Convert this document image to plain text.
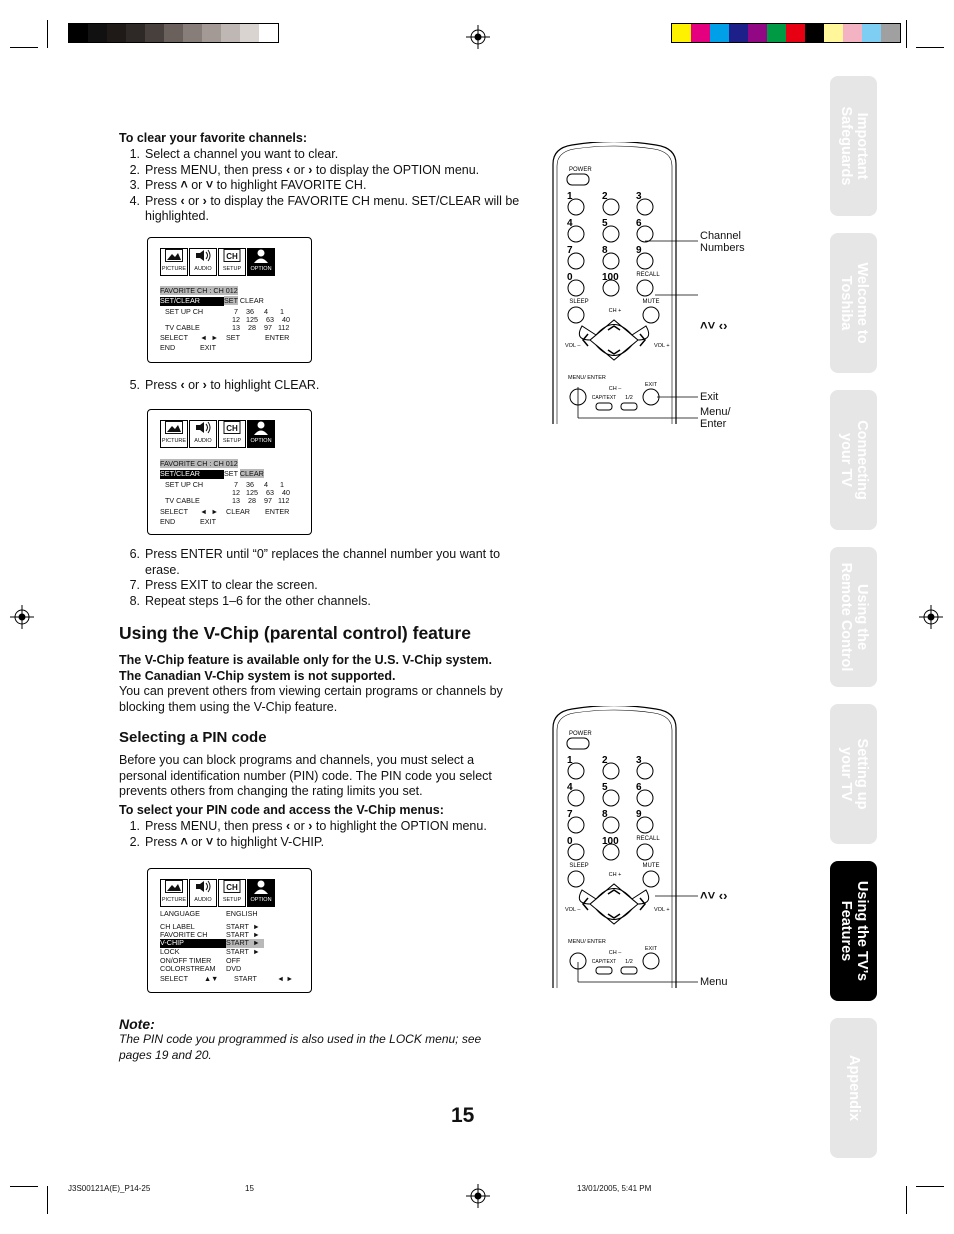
To clear your favorite channels:
1. Select a channel you want to clear.
2. Press MENU, then press ‹ or › to display the OPTION menu.
3. Press ˄ or ˅ to highlight FAVORITE CH.
4. Press ‹ or › to display the FAVORITE CH menu. SET/CLEAR will be highlighted.
PICTURE	AUDIO
CH
SETUP	OPTION
FAVORITE CH : CH 012
SET/CLEAR	SET CLEAR
SET UP CH	7    36     4      1
12   125    63    40
TV CABLE	13    28    97   112
SELECT ◄  ► SET	ENTER
END	EXIT
5. Press ‹ or › to highlight CLEAR.
PICTURE	AUDIO
CH
SETUP	OPTION
FAVORITE CH : CH 012
SET/CLEAR	SET CLEAR
SET UP CH	7    36     4      1
12   125    63    40
TV CABLE	13    28    97   112
SELECT ◄  ► CLEAR ENTER
END	EXIT
6. Press ENTER until “0” replaces the channel number you want to erase.
7. Press EXIT to clear the screen.
8. Repeat steps 1–6 for the other channels.
Using the V-Chip (parental control) feature
The V-Chip feature is available only for the U.S. V-Chip system.
The Canadian V-Chip system is not supported.
You can prevent others from viewing certain programs or channels by blocking them using the V-Chip feature.
Selecting a PIN code
Before you can block programs and channels, you must select a personal identification number (PIN) code. The PIN code you select prevents others from changing the rating limits you set.
To select your PIN code and access the V-Chip menus:
1. Press MENU, then press ‹ or › to highlight the OPTION menu.
2. Press ˄ or ˅ to highlight V-CHIP.
PICTURE	AUDIO
CH
SETUP	OPTION
LANGUAGE	ENGLISH
CH LABEL	START  ►
FAVORITE CH	START  ►
V-CHIP	START  ►
LOCK	START  ►
ON/OFF TIMER OFF
COLORSTREAM DVD
SELECT ▲▼ START	◄ ►
Note:
The PIN code you programmed is also used in the LOCK menu; see pages 19 and 20.
15
POWER
1	2	3
4	5	6
7	8	9
0	100	RECALL
SLEEP	MUTE
CH +
VOL –	VOL +
CH –
MENU/ ENTER
EXIT
CAP/TEXT 1/2
POWER
1	2	3
4	5	6
7	8	9
0	100	RECALL
SLEEP	MUTE
CH +
VOL –	VOL +
CH –
MENU/ ENTER
EXIT
CAP/TEXT 1/2
Channel
Numbers
˄˅ ‹›
Exit
Menu/
Enter
˄˅ ‹›
Menu
Important
Safeguards
Welcome to
Toshiba
Connecting
your TV
Using the
Remote Control
Setting up
your TV
Using the TV’s
Features
Appendix
J3S00121A(E)_P14-25	15	13/01/2005, 5:41 PM
